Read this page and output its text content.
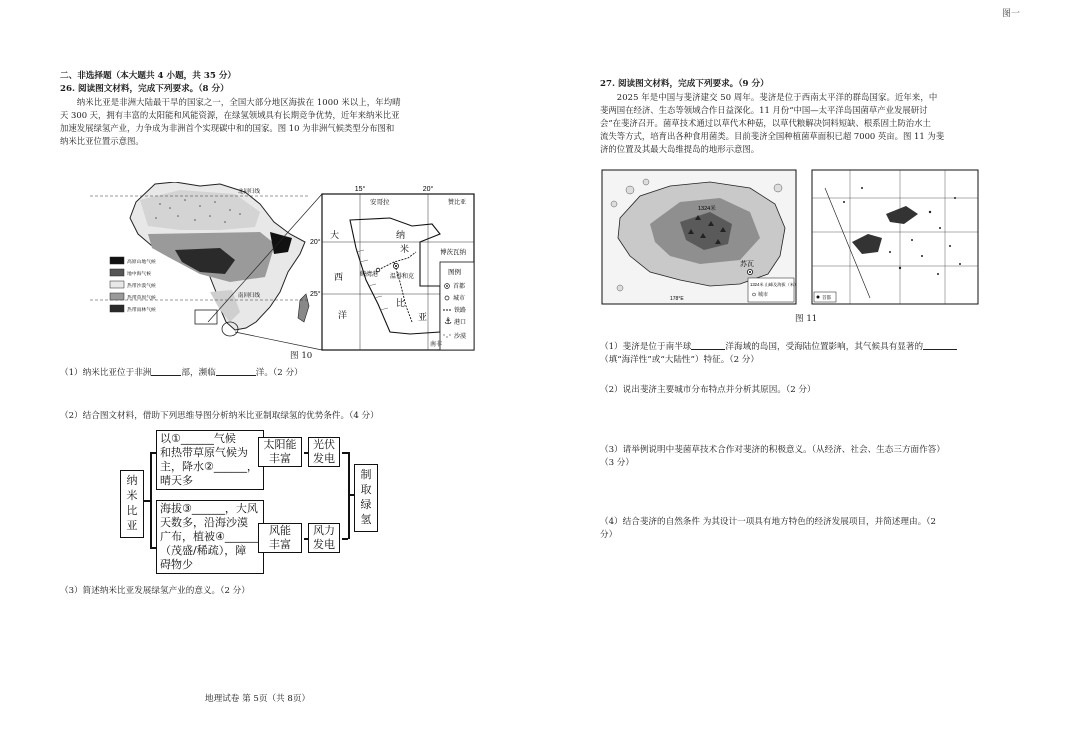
图一

二、非选择题（本大题共 4 小题，共 35 分）

26. 阅读图文材料，完成下列要求。（8 分）

纳米比亚是非洲大陆最干旱的国家之一，全国大部分地区海拔在 1000 米以上，年均晴

天 300 天，拥有丰富的太阳能和风能资源，在绿氢领域具有长期竞争优势，近年来纳米比亚

加速发展绿氢产业，力争成为非洲首个实现碳中和的国家。图 10 为非洲气候类型分布图和

纳米比亚位置示意图。

⚓
15°	20°
20°
25°
北回归线
南回归线
安哥拉	赞比亚
博茨瓦纳
大
西
洋
纳
米
比
亚
鲸湾港 温得和克
南非
图例
首都
城市
铁路
港口
沙漠
高原山地气候
地中海气候
热带沙漠气候
热带草原气候
热带雨林气候
图 10

（1）纳米比亚位于非洲	部，濒临	洋。（2 分）

（2）结合图文材料，借助下列思维导图分析纳米比亚制取绿氢的优势条件。（4 分）

纳
米
比
亚
以①______气候
和热带草原气候为
主，降水②______，
晴天多
海拔③______，大风
天数多，沿海沙漠
广布，植被④______
（茂盛/稀疏），障
碍物少
太阳能
丰富
风能
丰富
光伏
发电
风力
发电
制
取
绿
氢

（3）简述纳米比亚发展绿氢产业的意义。（2 分）

地理试卷 第 5页（共 8页）

27. 阅读图文材料，完成下列要求。（9 分）

2025 年是中国与斐济建交 50 周年。斐济是位于西南太平洋的群岛国家。近年来，中

斐两国在经济、生态等领域合作日益深化。11 月份“中国—太平洋岛国菌草产业发展研讨

会”在斐济召开。菌草技术通过以草代木种菇，以草代粮解决饲料短缺、根系固土防治水土

流失等方式，培育出各种食用菌类。目前斐济全国种植菌草面积已超 7000 英亩。图 11 为斐

济的位置及其最大岛维提岛的地形示意图。

苏瓦
1324米
1324米 山峰及海拔（米）
城市
178°E	首都
图 11

（1）斐济是位于南半球	洋海域的岛国，受海陆位置影响，其气候具有显著的

（填“海洋性”或“大陆性”）特征。（2 分）

（2）说出斐济主要城市分布特点并分析其原因。（2 分）

（3）请举例说明中斐菌草技术合作对斐济的积极意义。（从经济、社会、生态三方面作答）

（3 分）

（4）结合斐济的自然条件 为其设计一项具有地方特色的经济发展项目，并简述理由。（2

分）
